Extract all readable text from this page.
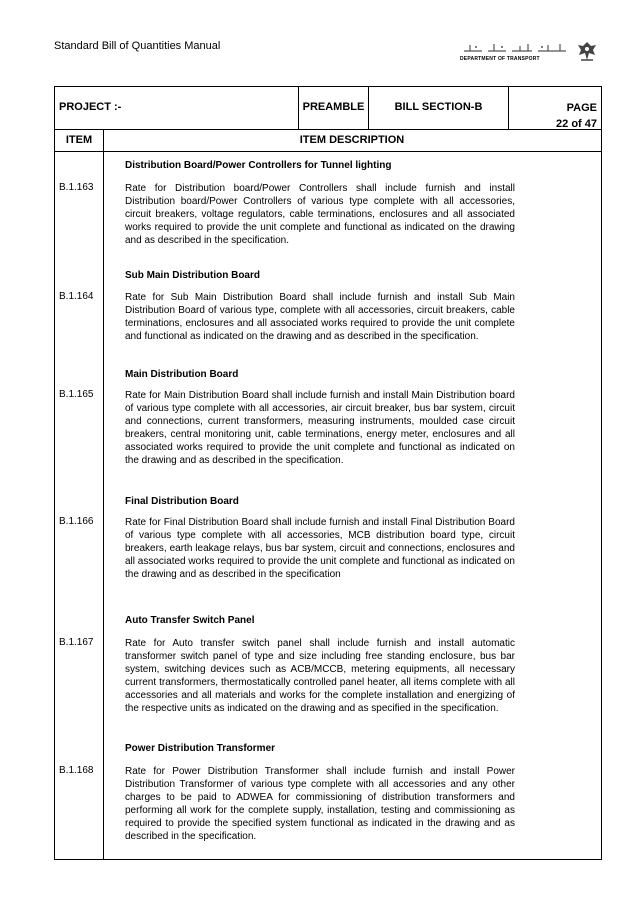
Standard Bill of Quantities Manual
DEPARTMENT OF TRANSPORT
PROJECT :-	PREAMBLE	BILL SECTION-B	PAGE
22 of 47
ITEM	ITEM DESCRIPTION
Distribution Board/Power Controllers for Tunnel lighting
B.1.163	Rate for Distribution board/Power Controllers shall include furnish and install Distribution board/Power Controllers of various type complete with all accessories, circuit breakers, voltage regulators, cable terminations, enclosures and all associated works required to provide the unit complete and functional as indicated on the drawing and as described in the specification.
Sub Main Distribution Board
B.1.164	Rate for Sub Main Distribution Board shall include furnish and install Sub Main Distribution Board of various type, complete with all accessories, circuit breakers, cable terminations, enclosures and all associated works required to provide the unit complete and functional as indicated on the drawing and as described in the specification.
Main Distribution Board
B.1.165	Rate for Main Distribution Board shall include furnish and install Main Distribution board of various type complete with all accessories, air circuit breaker, bus bar system, circuit and connections, current transformers, measuring instruments, moulded case circuit breakers, central monitoring unit, cable terminations, energy meter, enclosures and all associated works required to provide the unit complete and functional as indicated on the drawing and as described in the specification.
Final Distribution Board
B.1.166	Rate for Final Distribution Board shall include furnish and install Final Distribution Board of various type complete with all accessories, MCB distribution board type, circuit breakers, earth leakage relays, bus bar system, circuit and connections, enclosures and all associated works required to provide the unit complete and functional as indicated on the drawing and as described in the specification
Auto Transfer Switch Panel
B.1.167	Rate for Auto transfer switch panel shall include furnish and install automatic transformer switch panel of type and size including free standing enclosure, bus bar system, switching devices such as ACB/MCCB, metering equipments, all necessary current transformers, thermostatically controlled panel heater, all items complete with all accessories and all materials and works for the complete installation and energizing of the respective units as indicated on the drawing and as specified in the specification.
Power Distribution Transformer
B.1.168	Rate for Power Distribution Transformer shall include furnish and install Power Distribution Transformer of various type complete with all accessories and any other charges to be paid to ADWEA for commissioning of distribution transformers and performing all work for the complete supply, installation, testing and commissioning as required to provide the specified system functional as indicated in the drawing and as described in the specification.
